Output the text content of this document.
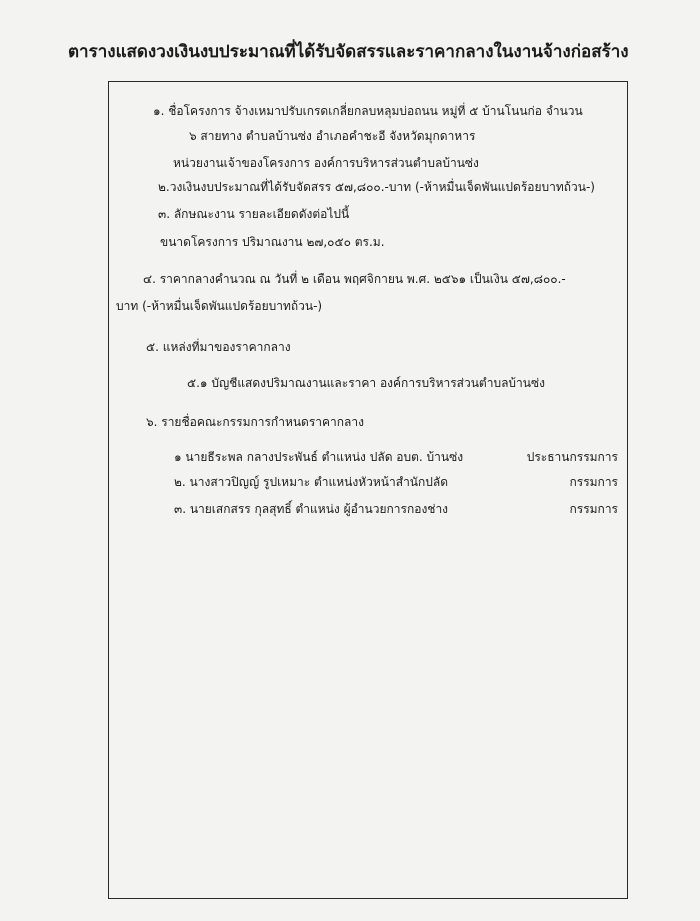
ตารางแสดงวงเงินงบประมาณที่ได้รับจัดสรรและราคากลางในงานจ้างก่อสร้าง
๑. ชื่อโครงการ จ้างเหมาปรับเกรดเกลี่ยกลบหลุมบ่อถนน หมู่ที่ ๕ บ้านโนนก่อ จำนวน
๖ สายทาง ตำบลบ้านซ่ง อำเภอคำชะอี จังหวัดมุกดาหาร
หน่วยงานเจ้าของโครงการ องค์การบริหารส่วนตำบลบ้านซ่ง
๒.วงเงินงบประมาณที่ได้รับจัดสรร ๕๗,๘๐๐.-บาท (-ห้าหมื่นเจ็ดพันแปดร้อยบาทถ้วน-)
๓. ลักษณะงาน รายละเอียดดังต่อไปนี้
ขนาดโครงการ ปริมาณงาน ๒๗,๐๕๐ ตร.ม.
๔. ราคากลางคำนวณ ณ วันที่ ๒ เดือน พฤศจิกายน พ.ศ. ๒๕๖๑ เป็นเงิน ๕๗,๘๐๐.-
บาท (-ห้าหมื่นเจ็ดพันแปดร้อยบาทถ้วน-)
๕. แหล่งที่มาของราคากลาง
๕.๑ บัญชีแสดงปริมาณงานและราคา องค์การบริหารส่วนตำบลบ้านซ่ง
๖. รายชื่อคณะกรรมการกำหนดราคากลาง
๑ นายธีระพล กลางประพันธ์ ตำแหน่ง ปลัด อบต. บ้านซ่ง	ประธานกรรมการ
๒. นางสาวปิญญ์ รูปเหมาะ ตำแหน่งหัวหน้าสำนักปลัด	กรรมการ
๓. นายเสกสรร กุลสุทธิ์ ตำแหน่ง ผู้อำนวยการกองช่าง	กรรมการ
